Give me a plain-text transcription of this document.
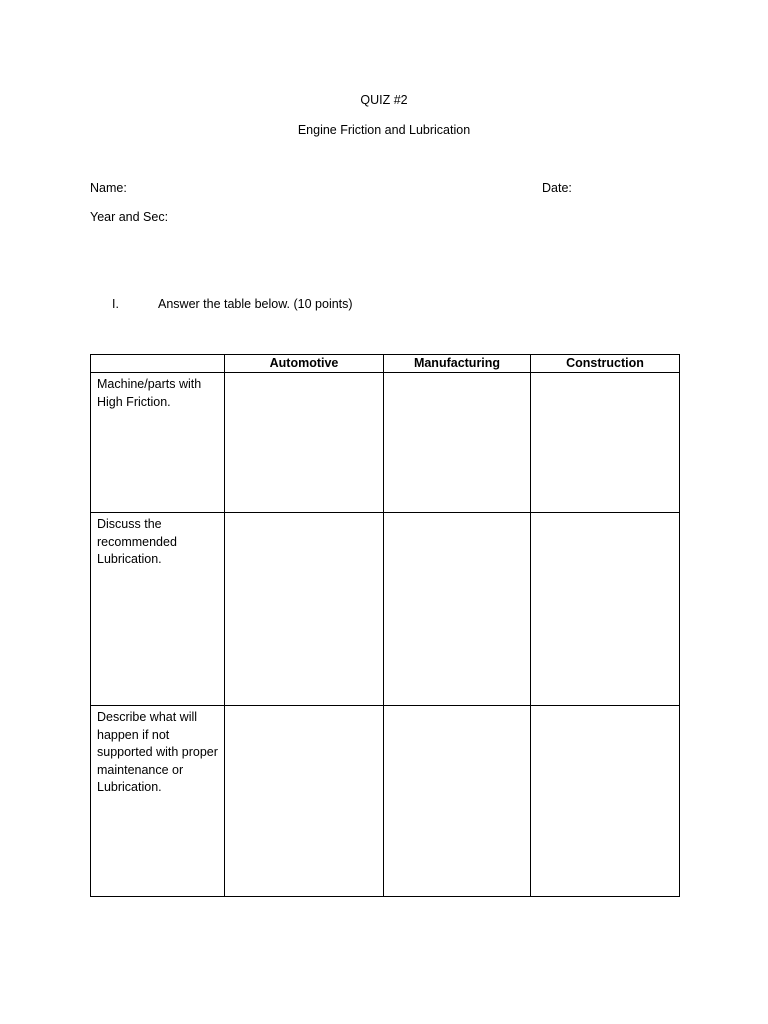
QUIZ #2
Engine Friction and Lubrication
Name:	Date:
Year and Sec:
I.	Answer the table below. (10 points)
	Automotive	Manufacturing	Construction
Machine/parts with High Friction.			
Discuss the recommended Lubrication.			
Describe what will happen if not supported with proper maintenance or Lubrication.			
